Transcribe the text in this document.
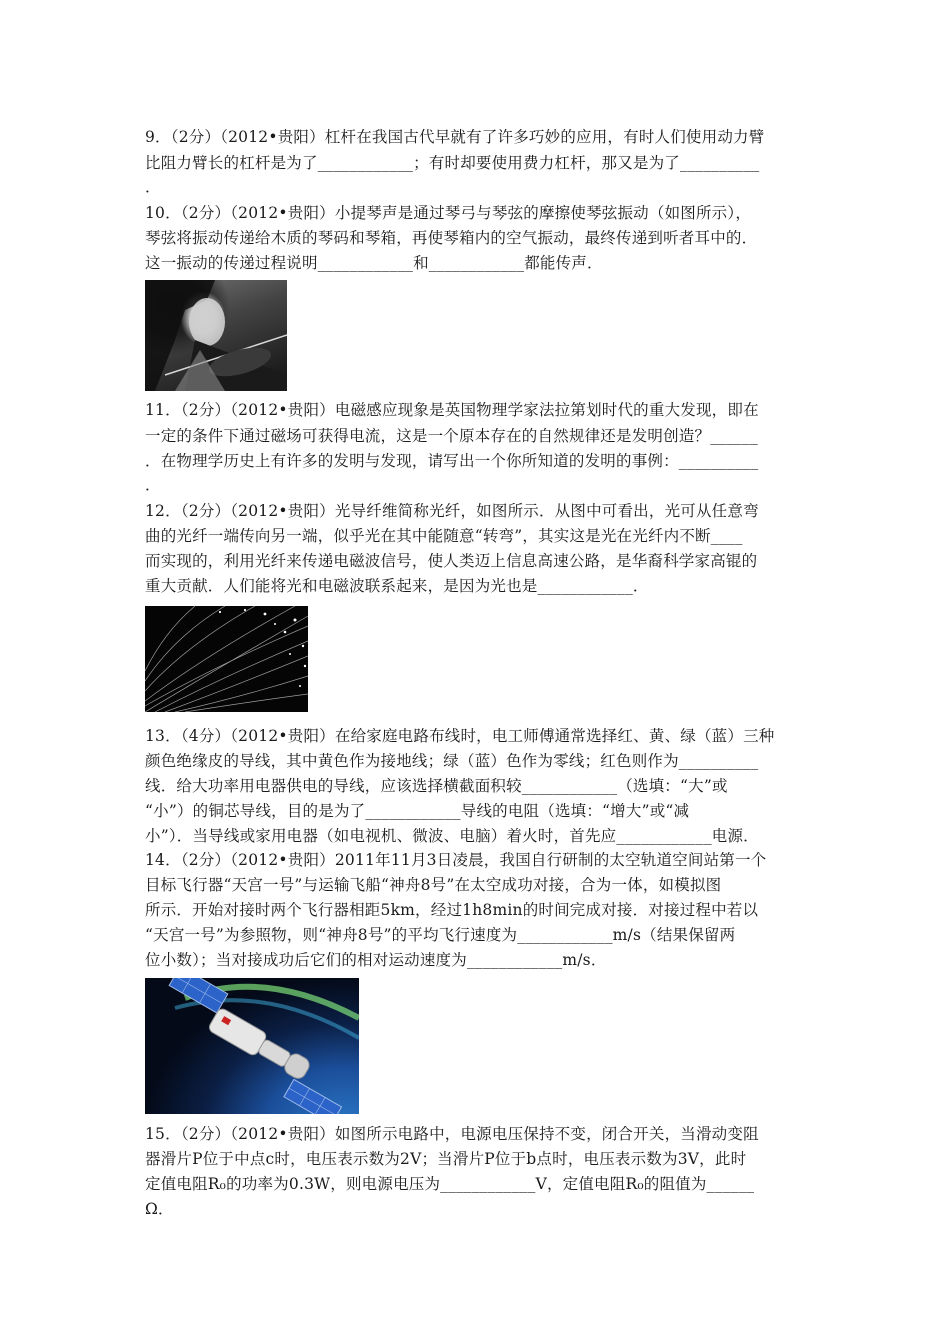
9．（2分）（2012•贵阳）杠杆在我国古代早就有了许多巧妙的应用，有时人们使用动力臂
比阻力臂长的杠杆是为了____________；有时却要使用费力杠杆，那又是为了__________
．
10．（2分）（2012•贵阳）小提琴声是通过琴弓与琴弦的摩擦使琴弦振动（如图所示），
琴弦将振动传递给木质的琴码和琴箱，再使琴箱内的空气振动，最终传递到听者耳中的．
这一振动的传递过程说明____________和____________都能传声．
11．（2分）（2012•贵阳）电磁感应现象是英国物理学家法拉第划时代的重大发现，即在
一定的条件下通过磁场可获得电流，这是一个原本存在的自然规律还是发明创造？______
．在物理学历史上有许多的发明与发现，请写出一个你所知道的发明的事例：__________
．
12．（2分）（2012•贵阳）光导纤维简称光纤，如图所示．从图中可看出，光可从任意弯
曲的光纤一端传向另一端，似乎光在其中能随意“转弯”，其实这是光在光纤内不断____
而实现的，利用光纤来传递电磁波信号，使人类迈上信息高速公路，是华裔科学家高锟的
重大贡献．人们能将光和电磁波联系起来，是因为光也是____________．
13．（4分）（2012•贵阳）在给家庭电路布线时，电工师傅通常选择红、黄、绿（蓝）三种
颜色绝缘皮的导线，其中黄色作为接地线；绿（蓝）色作为零线；红色则作为__________
线．给大功率用电器供电的导线，应该选择横截面积较____________（选填：“大”或
“小”）的铜芯导线，目的是为了____________导线的电阻（选填：“增大”或“减
小”）．当导线或家用电器（如电视机、微波、电脑）着火时，首先应____________电源．
14．（2分）（2012•贵阳）2011年11月3日凌晨，我国自行研制的太空轨道空间站第一个
目标飞行器“天宫一号”与运输飞船“神舟8号”在太空成功对接，合为一体，如模拟图
所示．开始对接时两个飞行器相距5km，经过1h8min的时间完成对接．对接过程中若以
“天宫一号”为参照物，则“神舟8号”的平均飞行速度为____________m/s（结果保留两
位小数）；当对接成功后它们的相对运动速度为____________m/s．
15．（2分）（2012•贵阳）如图所示电路中，电源电压保持不变，闭合开关，当滑动变阻
器滑片P位于中点c时，电压表示数为2V；当滑片P位于b点时，电压表示数为3V，此时
定值电阻R₀的功率为0.3W，则电源电压为____________V，定值电阻R₀的阻值为______
Ω．
